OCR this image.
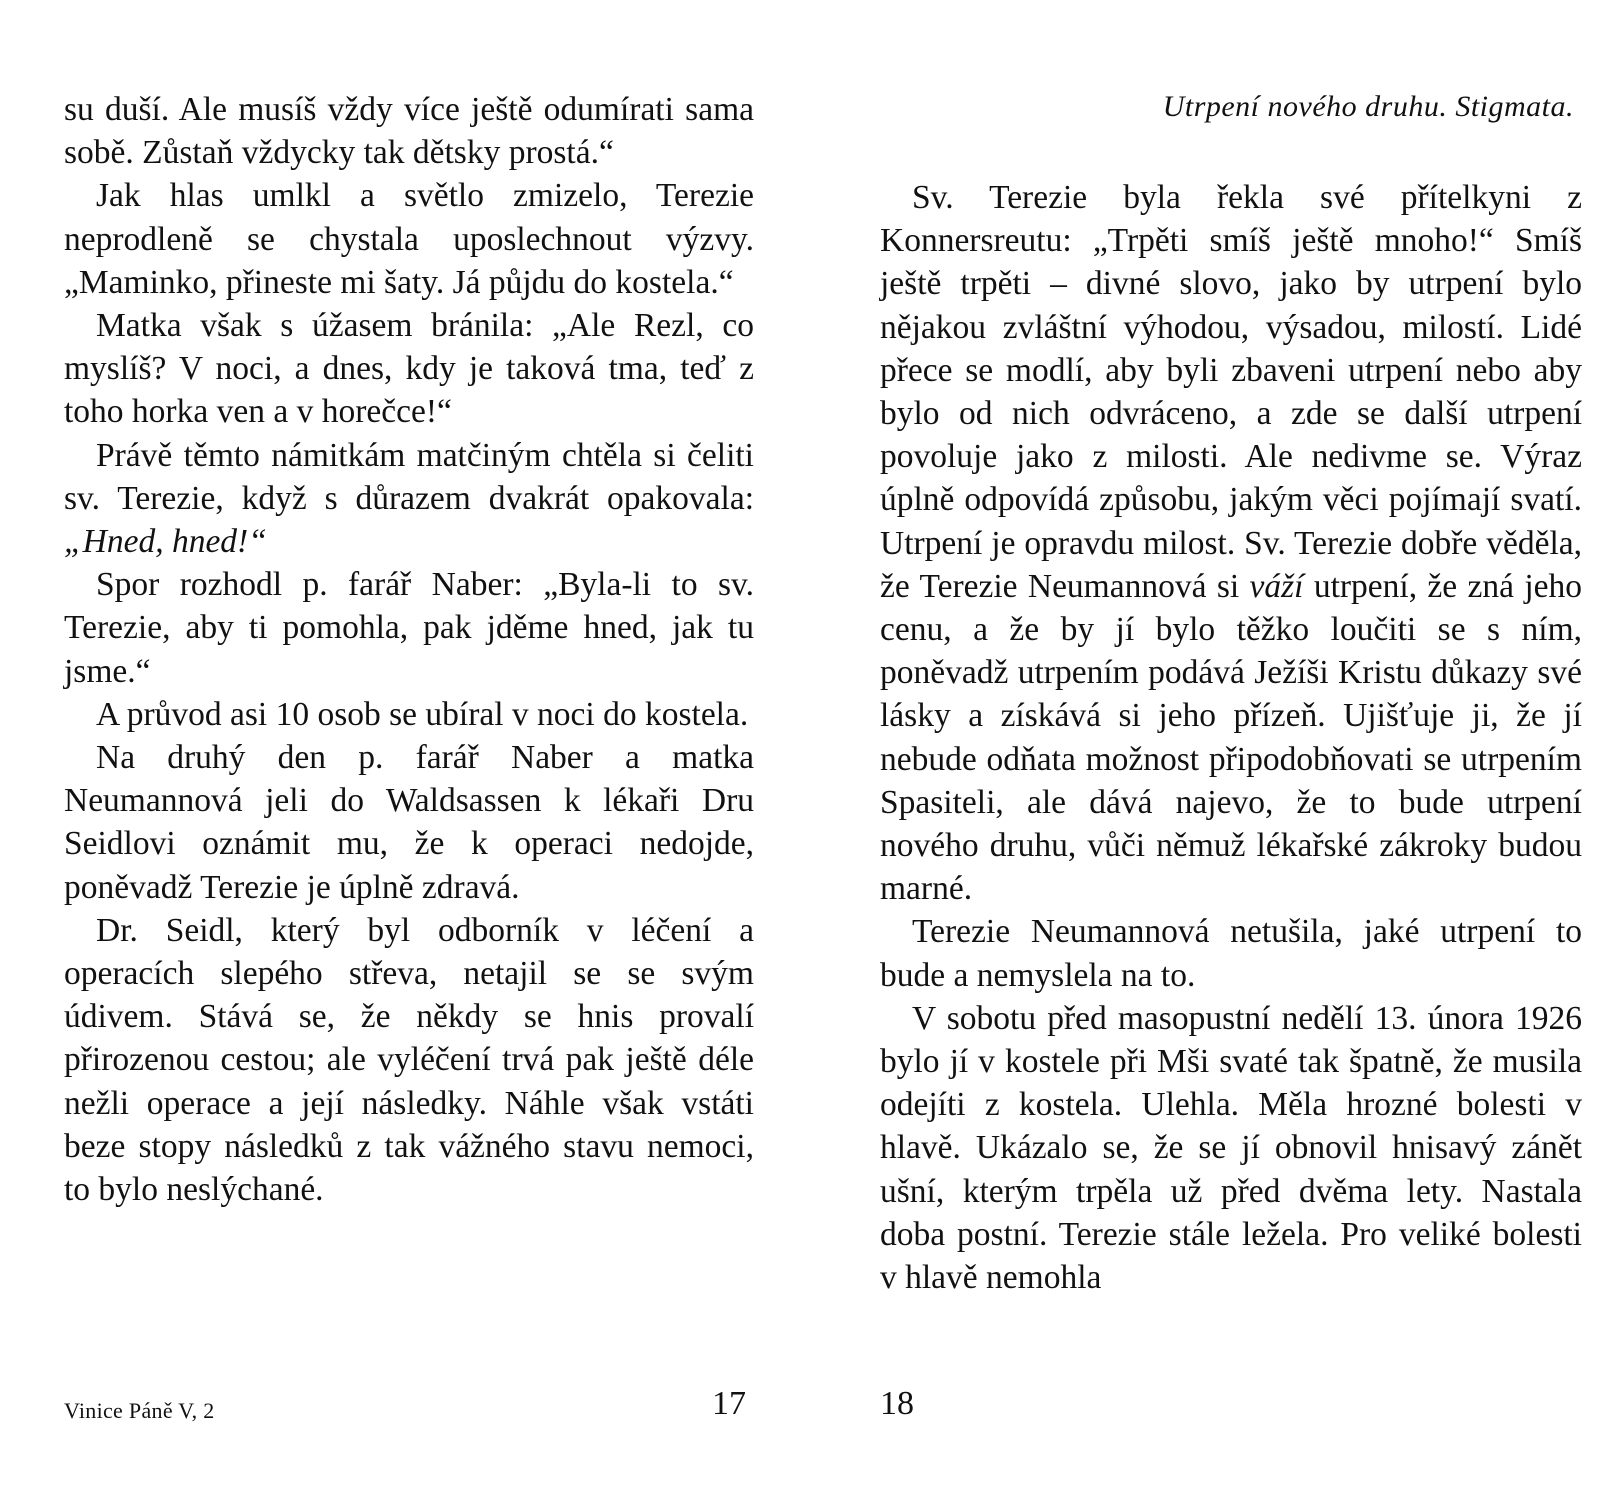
su duší. Ale musíš vždy více ještě odumírati sama sobě. Zůstaň vždycky tak dětsky prostá.“

Jak hlas umlkl a světlo zmizelo, Terezie neprodleně se chystala uposlechnout výzvy. „Maminko, přineste mi šaty. Já půjdu do kostela.“

Matka však s úžasem bránila: „Ale Rezl, co myslíš? V noci, a dnes, kdy je taková tma, teď z toho horka ven a v horečce!“

Právě těmto námitkám matčiným chtěla si čeliti sv. Terezie, když s důrazem dvakrát opakovala: „Hned, hned!“

Spor rozhodl p. farář Naber: „Byla-li to sv. Terezie, aby ti pomohla, pak jděme hned, jak tu jsme.“

A průvod asi 10 osob se ubíral v noci do kostela.

Na druhý den p. farář Naber a matka Neumannová jeli do Waldsassen k lékaři Dru Seidlovi oznámit mu, že k operaci nedojde, poněvadž Terezie je úplně zdravá.

Dr. Seidl, který byl odborník v léčení a operacích slepého střeva, netajil se se svým údivem. Stává se, že někdy se hnis provalí přirozenou cestou; ale vyléčení trvá pak ještě déle nežli operace a její následky. Náhle však vstáti beze stopy následků z tak vážného stavu nemoci, to bylo neslýchané.

Vinice Páně V, 2	17
Utrpení nového druhu. Stigmata.

Sv. Terezie byla řekla své přítelkyni z Konnersreutu: „Trpěti smíš ještě mnoho!“ Smíš ještě trpěti – divné slovo, jako by utrpení bylo nějakou zvláštní výhodou, výsadou, milostí. Lidé přece se modlí, aby byli zbaveni utrpení nebo aby bylo od nich odvráceno, a zde se další utrpení povoluje jako z milosti. Ale nedivme se. Výraz úplně odpovídá způsobu, jakým věci pojímají svatí. Utrpení je opravdu milost. Sv. Terezie dobře věděla, že Terezie Neumannová si váží utrpení, že zná jeho cenu, a že by jí bylo těžko loučiti se s ním, poněvadž utrpením podává Ježíši Kristu důkazy své lásky a získává si jeho přízeň. Ujišťuje ji, že jí nebude odňata možnost připodobňovati se utrpením Spasiteli, ale dává najevo, že to bude utrpení nového druhu, vůči němuž lékařské zákroky budou marné.

Terezie Neumannová netušila, jaké utrpení to bude a nemyslela na to.

V sobotu před masopustní nedělí 13. února 1926 bylo jí v kostele při Mši svaté tak špatně, že musila odejíti z kostela. Ulehla. Měla hrozné bolesti v hlavě. Ukázalo se, že se jí obnovil hnisavý zánět ušní, kterým trpěla už před dvěma lety. Nastala doba postní. Terezie stále ležela. Pro veliké bolesti v hlavě nemohla

18
